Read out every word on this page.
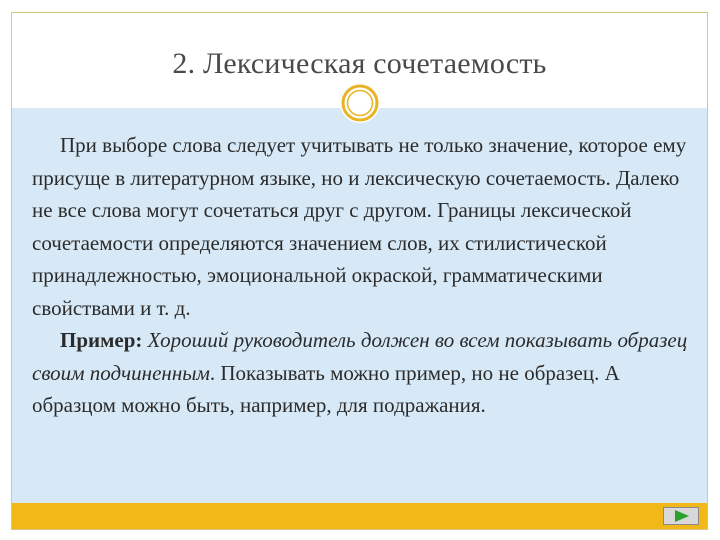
2. Лексическая сочетаемость

При выборе слова следует учитывать не только значение, которое ему присуще в литературном языке, но и лексическую сочетаемость. Далеко не все слова могут сочетаться друг с другом. Границы лексической сочетаемости определяются значением слов, их стилистической принадлежностью, эмоциональной окраской, грамматическими свойствами и т. д.

Пример: Хороший руководитель должен во всем показывать образец своим подчиненным. Показывать можно пример, но не образец. А образцом можно быть, например, для подражания.
